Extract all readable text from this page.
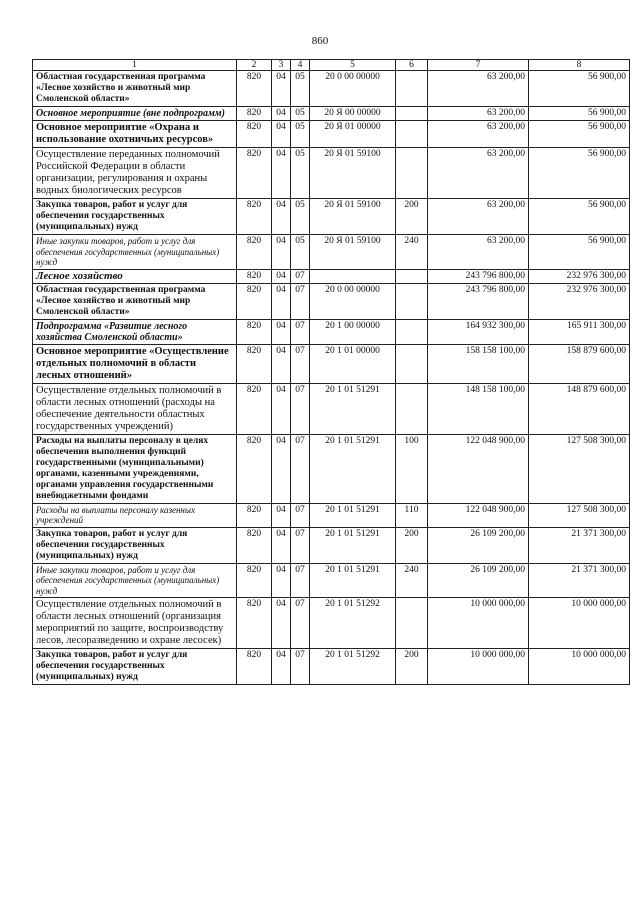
860
1	2	3	4	5	6	7	8
Областная государственная программа «Лесное хозяйство и животный мир Смоленской области»	820	04	05	20 0 00 00000		63 200,00	56 900,00
Основное мероприятие (вне подпрограмм)	820	04	05	20 Я 00 00000		63 200,00	56 900,00
Основное мероприятие «Охрана и использование охотничьих ресурсов»	820	04	05	20 Я 01 00000		63 200,00	56 900,00
Осуществление переданных полномочий Российской Федерации в области организации, регулирования и охраны водных биологических ресурсов	820	04	05	20 Я 01 59100		63 200,00	56 900,00
Закупка товаров, работ и услуг для обеспечения государственных (муниципальных) нужд	820	04	05	20 Я 01 59100	200	63 200,00	56 900,00
Иные закупки товаров, работ и услуг для обеспечения государственных (муниципальных) нужд	820	04	05	20 Я 01 59100	240	63 200,00	56 900,00
Лесное хозяйство	820	04	07			243 796 800,00	232 976 300,00
Областная государственная программа «Лесное хозяйство и животный мир Смоленской области»	820	04	07	20 0 00 00000		243 796 800,00	232 976 300,00
Подпрограмма «Развитие лесного хозяйства Смоленской области»	820	04	07	20 1 00 00000		164 932 300,00	165 911 300,00
Основное мероприятие «Осуществление отдельных полномочий в области лесных отношений»	820	04	07	20 1 01 00000		158 158 100,00	158 879 600,00
Осуществление отдельных полномочий в области лесных отношений (расходы на обеспечение деятельности областных государственных учреждений)	820	04	07	20 1 01 51291		148 158 100,00	148 879 600,00
Расходы на выплаты персоналу в целях обеспечения выполнения функций государственными (муниципальными) органами, казенными учреждениями, органами управления государственными внебюджетными фондами	820	04	07	20 1 01 51291	100	122 048 900,00	127 508 300,00
Расходы на выплаты персоналу казенных учреждений	820	04	07	20 1 01 51291	110	122 048 900,00	127 508 300,00
Закупка товаров, работ и услуг для обеспечения государственных (муниципальных) нужд	820	04	07	20 1 01 51291	200	26 109 200,00	21 371 300,00
Иные закупки товаров, работ и услуг для обеспечения государственных (муниципальных) нужд	820	04	07	20 1 01 51291	240	26 109 200,00	21 371 300,00
Осуществление отдельных полномочий в области лесных отношений (организация мероприятий по защите, воспроизводству лесов, лесоразведению и охране лесосек)	820	04	07	20 1 01 51292		10 000 000,00	10 000 000,00
Закупка товаров, работ и услуг для обеспечения государственных (муниципальных) нужд	820	04	07	20 1 01 51292	200	10 000 000,00	10 000 000,00
